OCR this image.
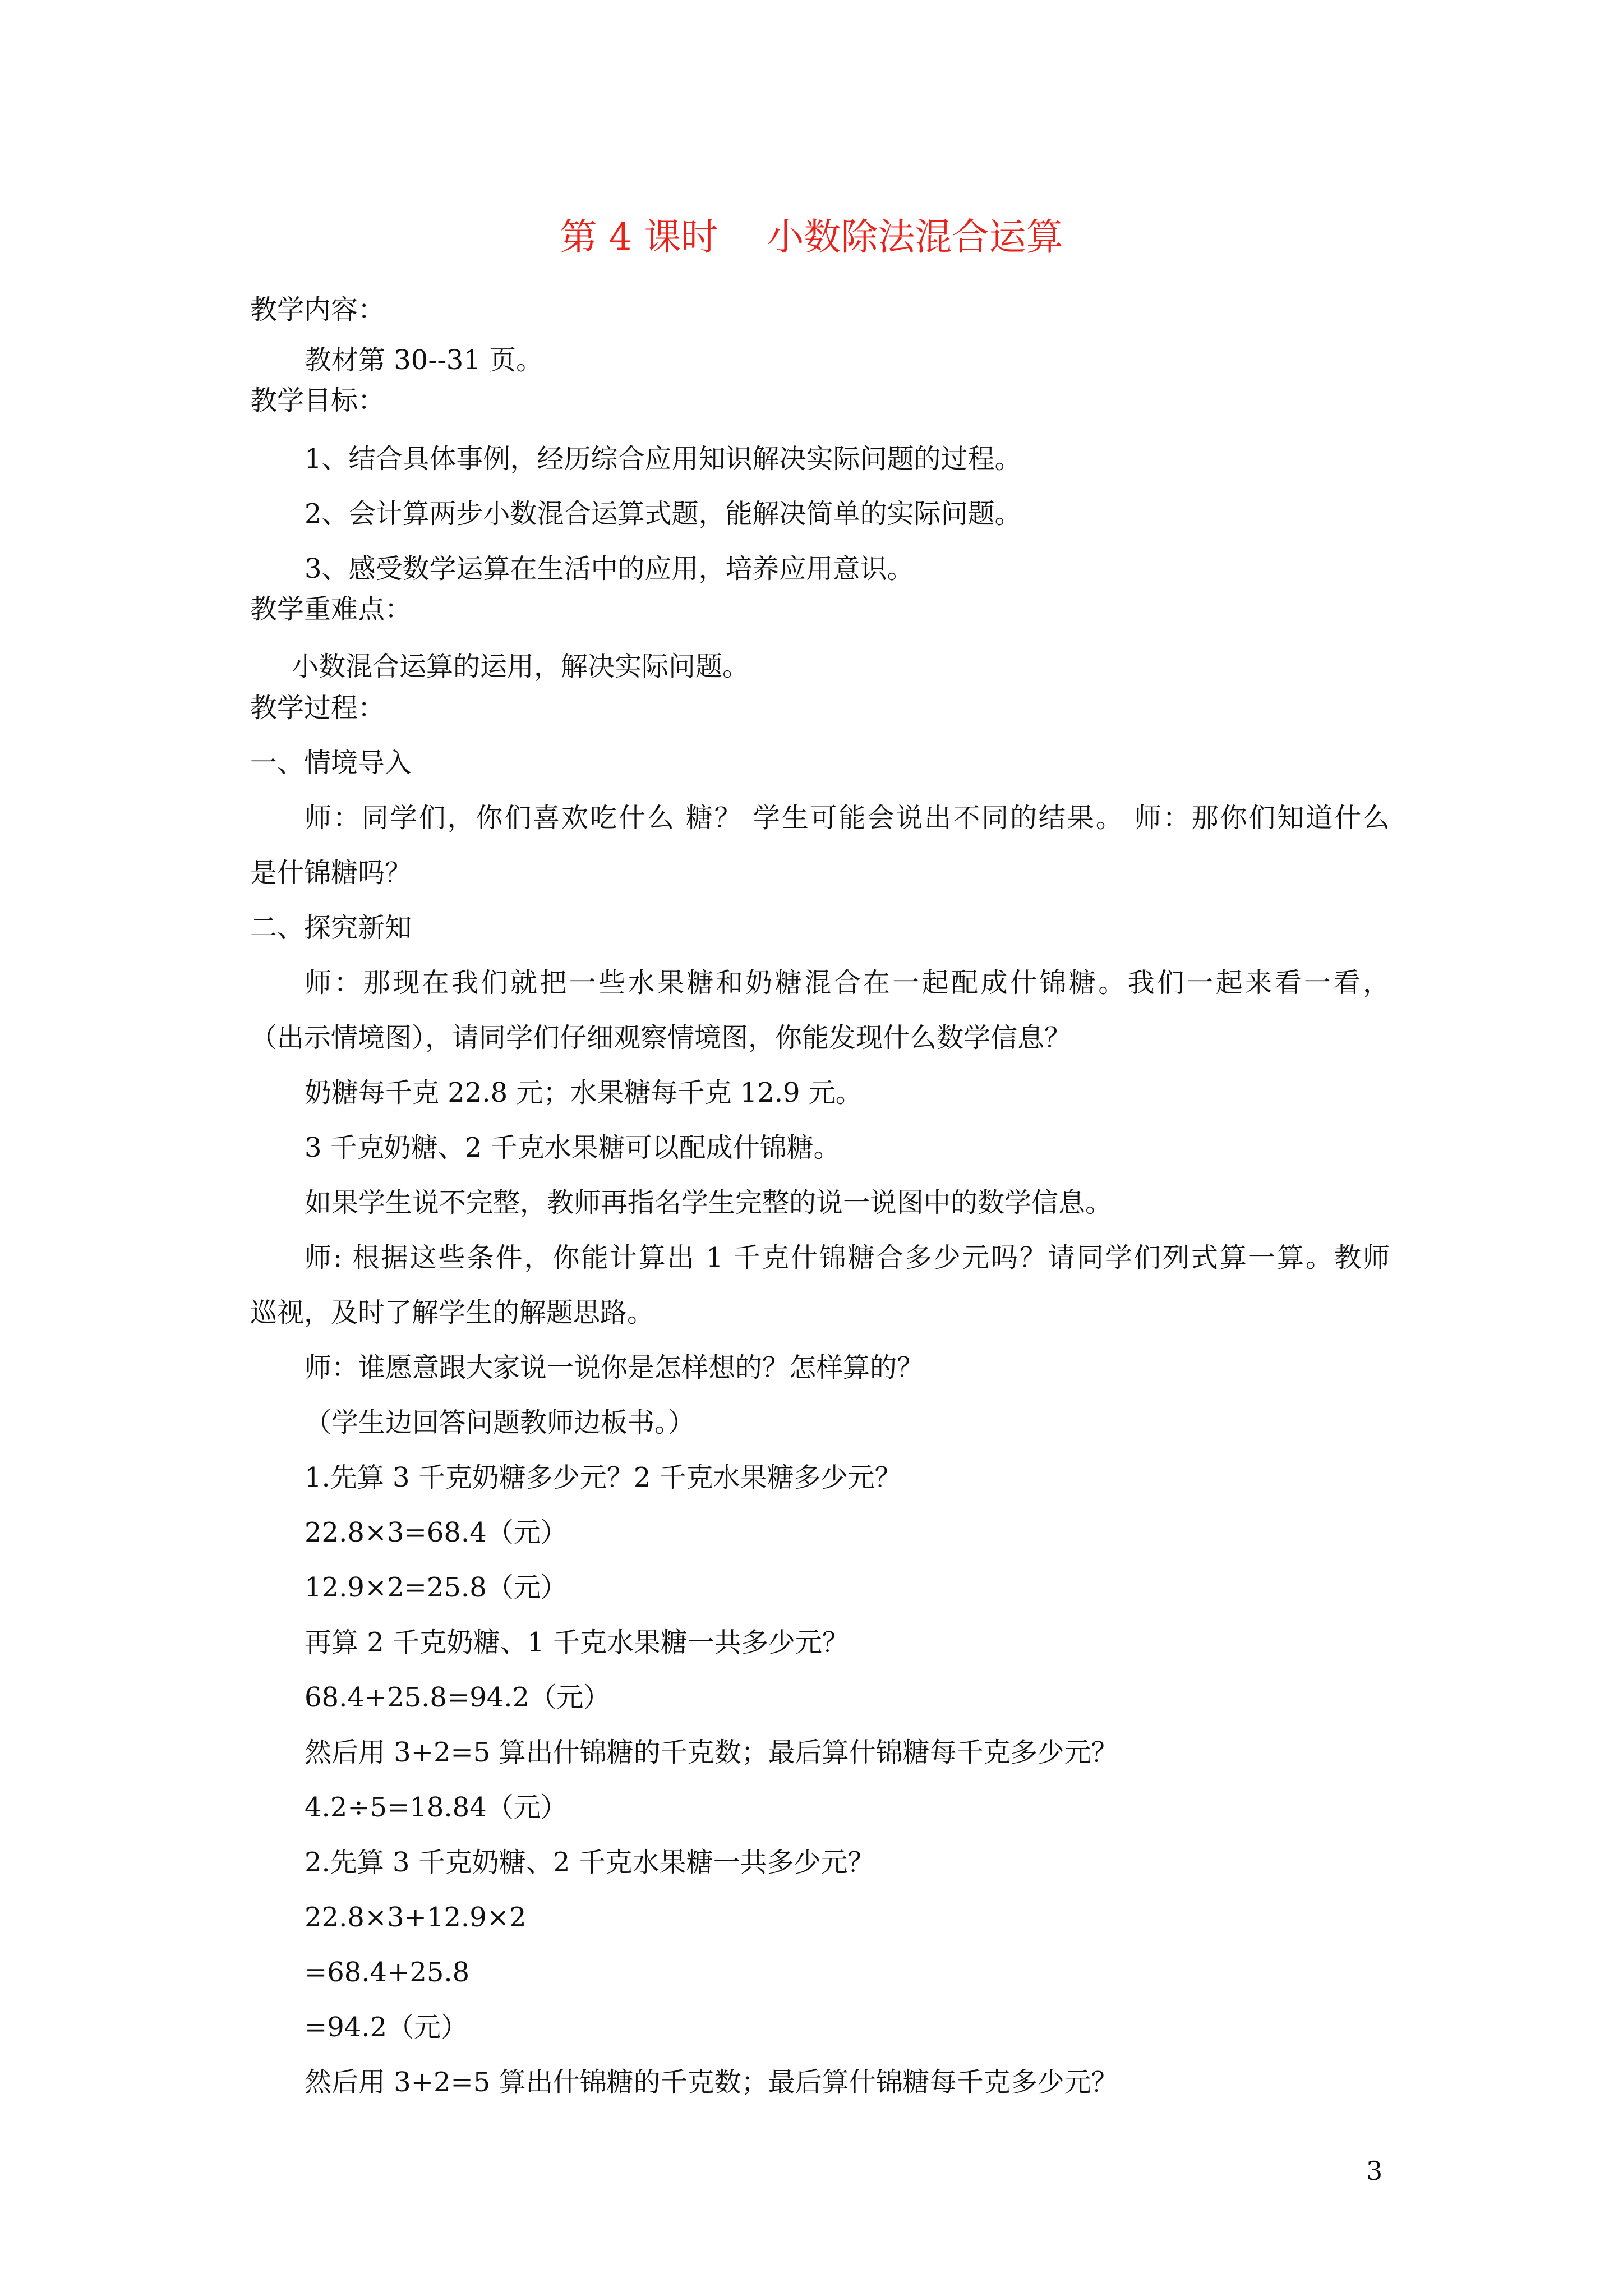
第 4 课时　 小数除法混合运算
教学内容：
教材第 30--31 页。
教学目标：
1、结合具体事例，经历综合应用知识解决实际问题的过程。
2、会计算两步小数混合运算式题，能解决简单的实际问题。
3、感受数学运算在生活中的应用，培养应用意识。
教学重难点：
小数混合运算的运用，解决实际问题。
教学过程：
一、情境导入
师：同学们，你们喜欢吃什么 糖？ 学生可能会说出不同的结果。 师：那你们知道什么
是什锦糖吗？
二、探究新知
师：那现在我们就把一些水果糖和奶糖混合在一起配成什锦糖。我们一起来看一看，
（出示情境图），请同学们仔细观察情境图，你能发现什么数学信息？
奶糖每千克 22.8 元；水果糖每千克 12.9 元。
3 千克奶糖、2 千克水果糖可以配成什锦糖。
如果学生说不完整，教师再指名学生完整的说一说图中的数学信息。
师: 根据这些条件，你能计算出 1 千克什锦糖合多少元吗？请同学们列式算一算。教师
巡视，及时了解学生的解题思路。
师：谁愿意跟大家说一说你是怎样想的？怎样算的？
（学生边回答问题教师边板书。）
1.先算 3 千克奶糖多少元？2 千克水果糖多少元？
22.8×3=68.4（元）
12.9×2=25.8（元）
再算 2 千克奶糖、1 千克水果糖一共多少元？
68.4+25.8=94.2（元）
然后用 3+2=5 算出什锦糖的千克数；最后算什锦糖每千克多少元？
4.2÷5=18.84（元）
2.先算 3 千克奶糖、2 千克水果糖一共多少元？
22.8×3+12.9×2
=68.4+25.8
=94.2（元）
然后用 3+2=5 算出什锦糖的千克数；最后算什锦糖每千克多少元？
3
